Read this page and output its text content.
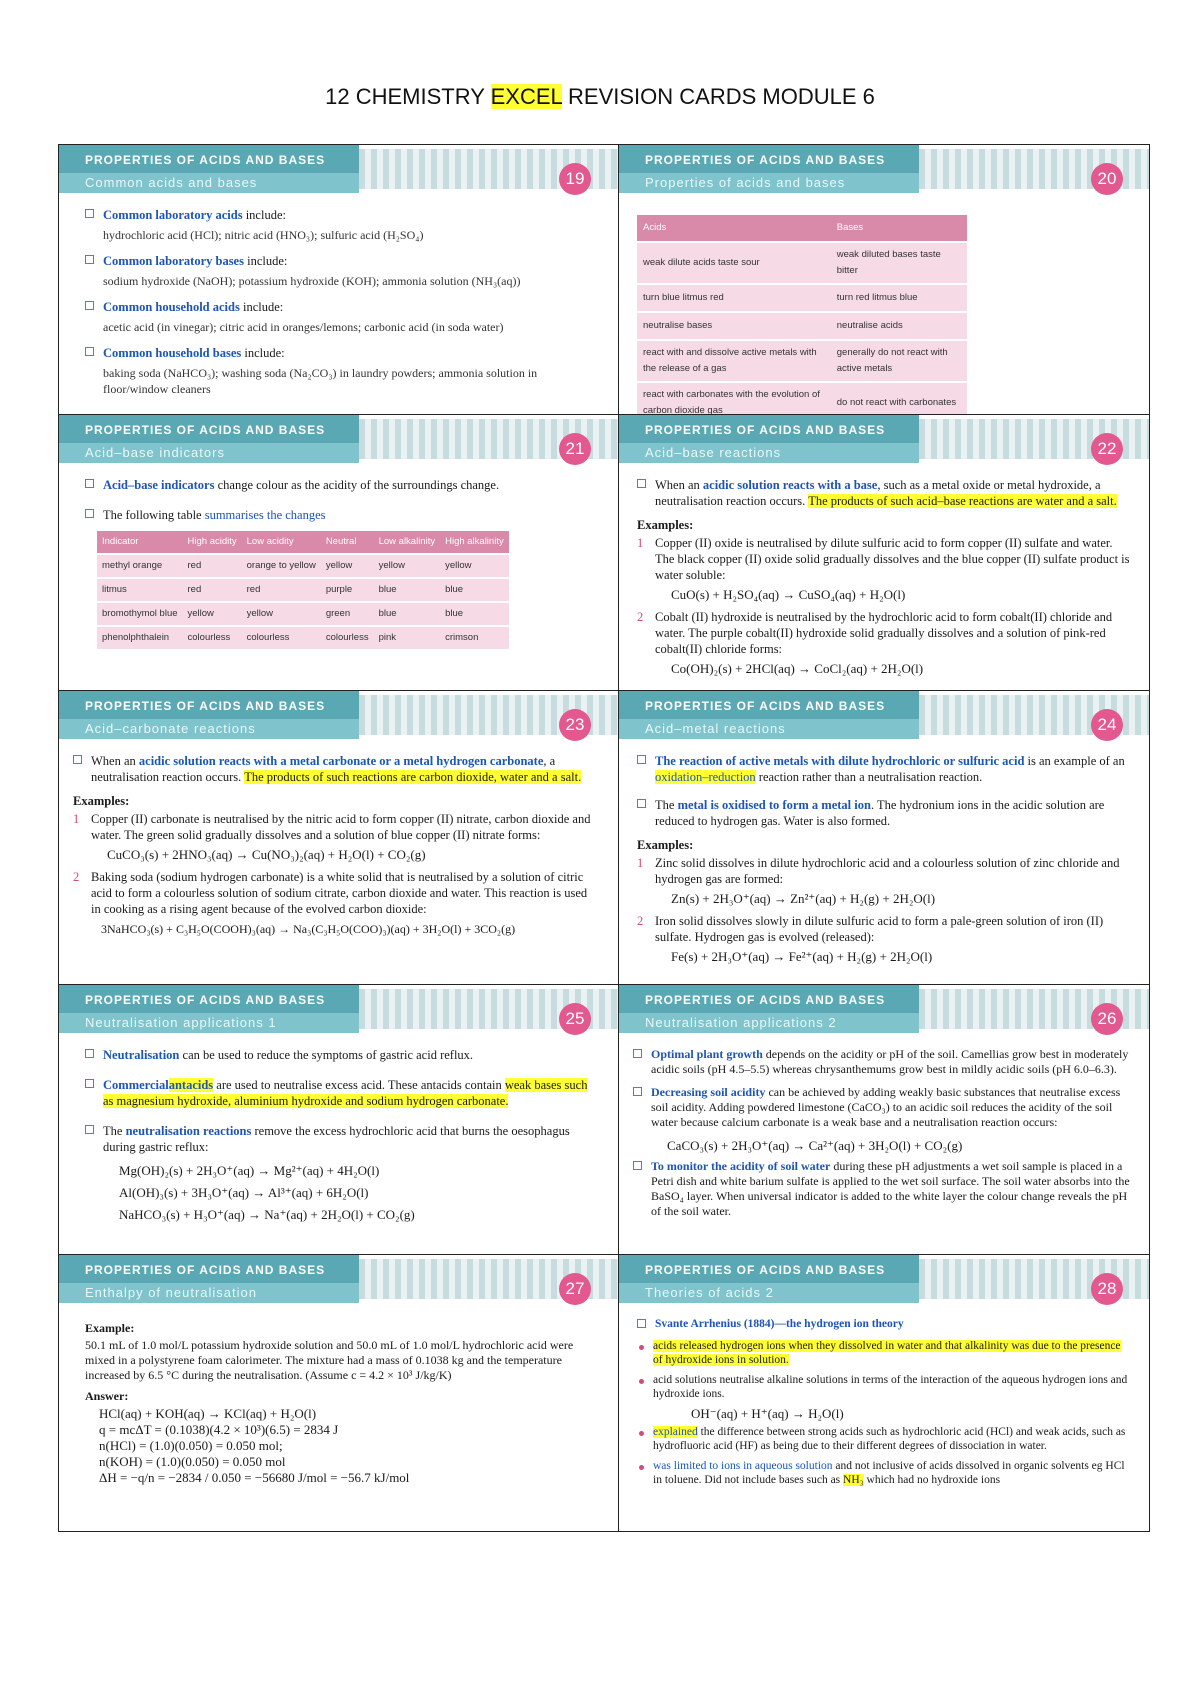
12 CHEMISTRY EXCEL REVISION CARDS MODULE 6
PROPERTIES OF ACIDS AND BASES
Common acids and bases	19
Common laboratory acids include:
hydrochloric acid (HCl); nitric acid (HNO₃); sulfuric acid (H₂SO₄)
Common laboratory bases include:
sodium hydroxide (NaOH); potassium hydroxide (KOH); ammonia solution (NH₃(aq))
Common household acids include:
acetic acid (in vinegar); citric acid in oranges/lemons; carbonic acid (in soda water)
Common household bases include:
baking soda (NaHCO₃); washing soda (Na₂CO₃) in laundry powders; ammonia solution in floor/window cleaners
PROPERTIES OF ACIDS AND BASES
Properties of acids and bases	20
Acids	Bases
weak dilute acids taste sour	weak diluted bases taste bitter
turn blue litmus red	turn red litmus blue
neutralise bases	neutralise acids
react with and dissolve active metals with the release of a gas	generally do not react with active metals
react with carbonates with the evolution of carbon dioxide gas	do not react with carbonates
PROPERTIES OF ACIDS AND BASES
Acid–base indicators	21
Acid–base indicators change colour as the acidity of the surroundings change.
The following table summarises the changes
Indicator	High acidity	Low acidity	Neutral	Low alkalinity	High alkalinity
methyl orange	red	orange to yellow	yellow	yellow	yellow
litmus	red	red	purple	blue	blue
bromothymol blue	yellow	yellow	green	blue	blue
phenolphthalein	colourless	colourless	colourless	pink	crimson
PROPERTIES OF ACIDS AND BASES
Acid–base reactions	22
When an acidic solution reacts with a base, such as a metal oxide or metal hydroxide, a neutralisation reaction occurs. The products of such acid–base reactions are water and a salt.
Examples:
1 Copper (II) oxide is neutralised by dilute sulfuric acid to form copper (II) sulfate and water. The black copper (II) oxide solid gradually dissolves and the blue copper (II) sulfate product is water soluble:
CuO(s) + H₂SO₄(aq) → CuSO₄(aq) + H₂O(l)
2 Cobalt (II) hydroxide is neutralised by the hydrochloric acid to form cobalt(II) chloride and water. The purple cobalt(II) hydroxide solid gradually dissolves and a solution of pink-red cobalt(II) chloride forms:
Co(OH)₂(s) + 2HCl(aq) → CoCl₂(aq) + 2H₂O(l)
PROPERTIES OF ACIDS AND BASES
Acid–carbonate reactions	23
When an acidic solution reacts with a metal carbonate or a metal hydrogen carbonate, a neutralisation reaction occurs. The products of such reactions are carbon dioxide, water and a salt.
Examples:
1 Copper (II) carbonate is neutralised by the nitric acid to form copper (II) nitrate, carbon dioxide and water. The green solid gradually dissolves and a solution of blue copper (II) nitrate forms:
CuCO₃(s) + 2HNO₃(aq) → Cu(NO₃)₂(aq) + H₂O(l) + CO₂(g)
2 Baking soda (sodium hydrogen carbonate) is a white solid that is neutralised by a solution of citric acid to form a colourless solution of sodium citrate, carbon dioxide and water. This reaction is used in cooking as a rising agent because of the evolved carbon dioxide:
3NaHCO₃(s) + C₃H₅O(COOH)₃(aq) → Na₃(C₃H₅O(COO)₃)(aq) + 3H₂O(l) + 3CO₂(g)
PROPERTIES OF ACIDS AND BASES
Acid–metal reactions	24
The reaction of active metals with dilute hydrochloric or sulfuric acid is an example of an oxidation–reduction reaction rather than a neutralisation reaction.
The metal is oxidised to form a metal ion. The hydronium ions in the acidic solution are reduced to hydrogen gas. Water is also formed.
Examples:
1 Zinc solid dissolves in dilute hydrochloric acid and a colourless solution of zinc chloride and hydrogen gas are formed:
Zn(s) + 2H₃O⁺(aq) → Zn²⁺(aq) + H₂(g) + 2H₂O(l)
2 Iron solid dissolves slowly in dilute sulfuric acid to form a pale-green solution of iron (II) sulfate. Hydrogen gas is evolved (released):
Fe(s) + 2H₃O⁺(aq) → Fe²⁺(aq) + H₂(g) + 2H₂O(l)
PROPERTIES OF ACIDS AND BASES
Neutralisation applications 1	25
Neutralisation can be used to reduce the symptoms of gastric acid reflux.
Commercialantacids are used to neutralise excess acid. These antacids contain weak bases such as magnesium hydroxide, aluminium hydroxide and sodium hydrogen carbonate.
The neutralisation reactions remove the excess hydrochloric acid that burns the oesophagus during gastric reflux:
Mg(OH)₂(s) + 2H₃O⁺(aq) → Mg²⁺(aq) + 4H₂O(l)
Al(OH)₃(s) + 3H₃O⁺(aq) → Al³⁺(aq) + 6H₂O(l)
NaHCO₃(s) + H₃O⁺(aq) → Na⁺(aq) + 2H₂O(l) + CO₂(g)
PROPERTIES OF ACIDS AND BASES
Neutralisation applications 2	26
Optimal plant growth depends on the acidity or pH of the soil. Camellias grow best in moderately acidic soils (pH 4.5–5.5) whereas chrysanthemums grow best in mildly acidic soils (pH 6.0–6.3).
Decreasing soil acidity can be achieved by adding weakly basic substances that neutralise excess soil acidity. Adding powdered limestone (CaCO₃) to an acidic soil reduces the acidity of the soil water because calcium carbonate is a weak base and a neutralisation reaction occurs:
CaCO₃(s) + 2H₃O⁺(aq) → Ca²⁺(aq) + 3H₂O(l) + CO₂(g)
To monitor the acidity of soil water during these pH adjustments a wet soil sample is placed in a Petri dish and white barium sulfate is applied to the wet soil surface. The soil water absorbs into the BaSO₄ layer. When universal indicator is added to the white layer the colour change reveals the pH of the soil water.
PROPERTIES OF ACIDS AND BASES
Enthalpy of neutralisation	27
Example:
50.1 mL of 1.0 mol/L potassium hydroxide solution and 50.0 mL of 1.0 mol/L hydrochloric acid were mixed in a polystyrene foam calorimeter. The mixture had a mass of 0.1038 kg and the temperature increased by 6.5 °C during the neutralisation. (Assume c = 4.2 × 10³ J/kg/K)
Answer:
HCl(aq) + KOH(aq) → KCl(aq) + H₂O(l)
q = mcΔT = (0.1038)(4.2 × 10³)(6.5) = 2834 J
n(HCl) = (1.0)(0.050) = 0.050 mol;
n(KOH) = (1.0)(0.050) = 0.050 mol
ΔH = −q/n = −2834 / 0.050 = −56680 J/mol = −56.7 kJ/mol
PROPERTIES OF ACIDS AND BASES
Theories of acids 2	28
Svante Arrhenius (1884)—the hydrogen ion theory
acids released hydrogen ions when they dissolved in water and that alkalinity was due to the presence of hydroxide ions in solution.
acid solutions neutralise alkaline solutions in terms of the interaction of the aqueous hydrogen ions and hydroxide ions.
OH⁻(aq) + H⁺(aq) → H₂O(l)
explained the difference between strong acids such as hydrochloric acid (HCl) and weak acids, such as hydrofluoric acid (HF) as being due to their different degrees of dissociation in water.
was limited to ions in aqueous solution and not inclusive of acids dissolved in organic solvents eg HCl in toluene. Did not include bases such as NH₃ which had no hydroxide ions
